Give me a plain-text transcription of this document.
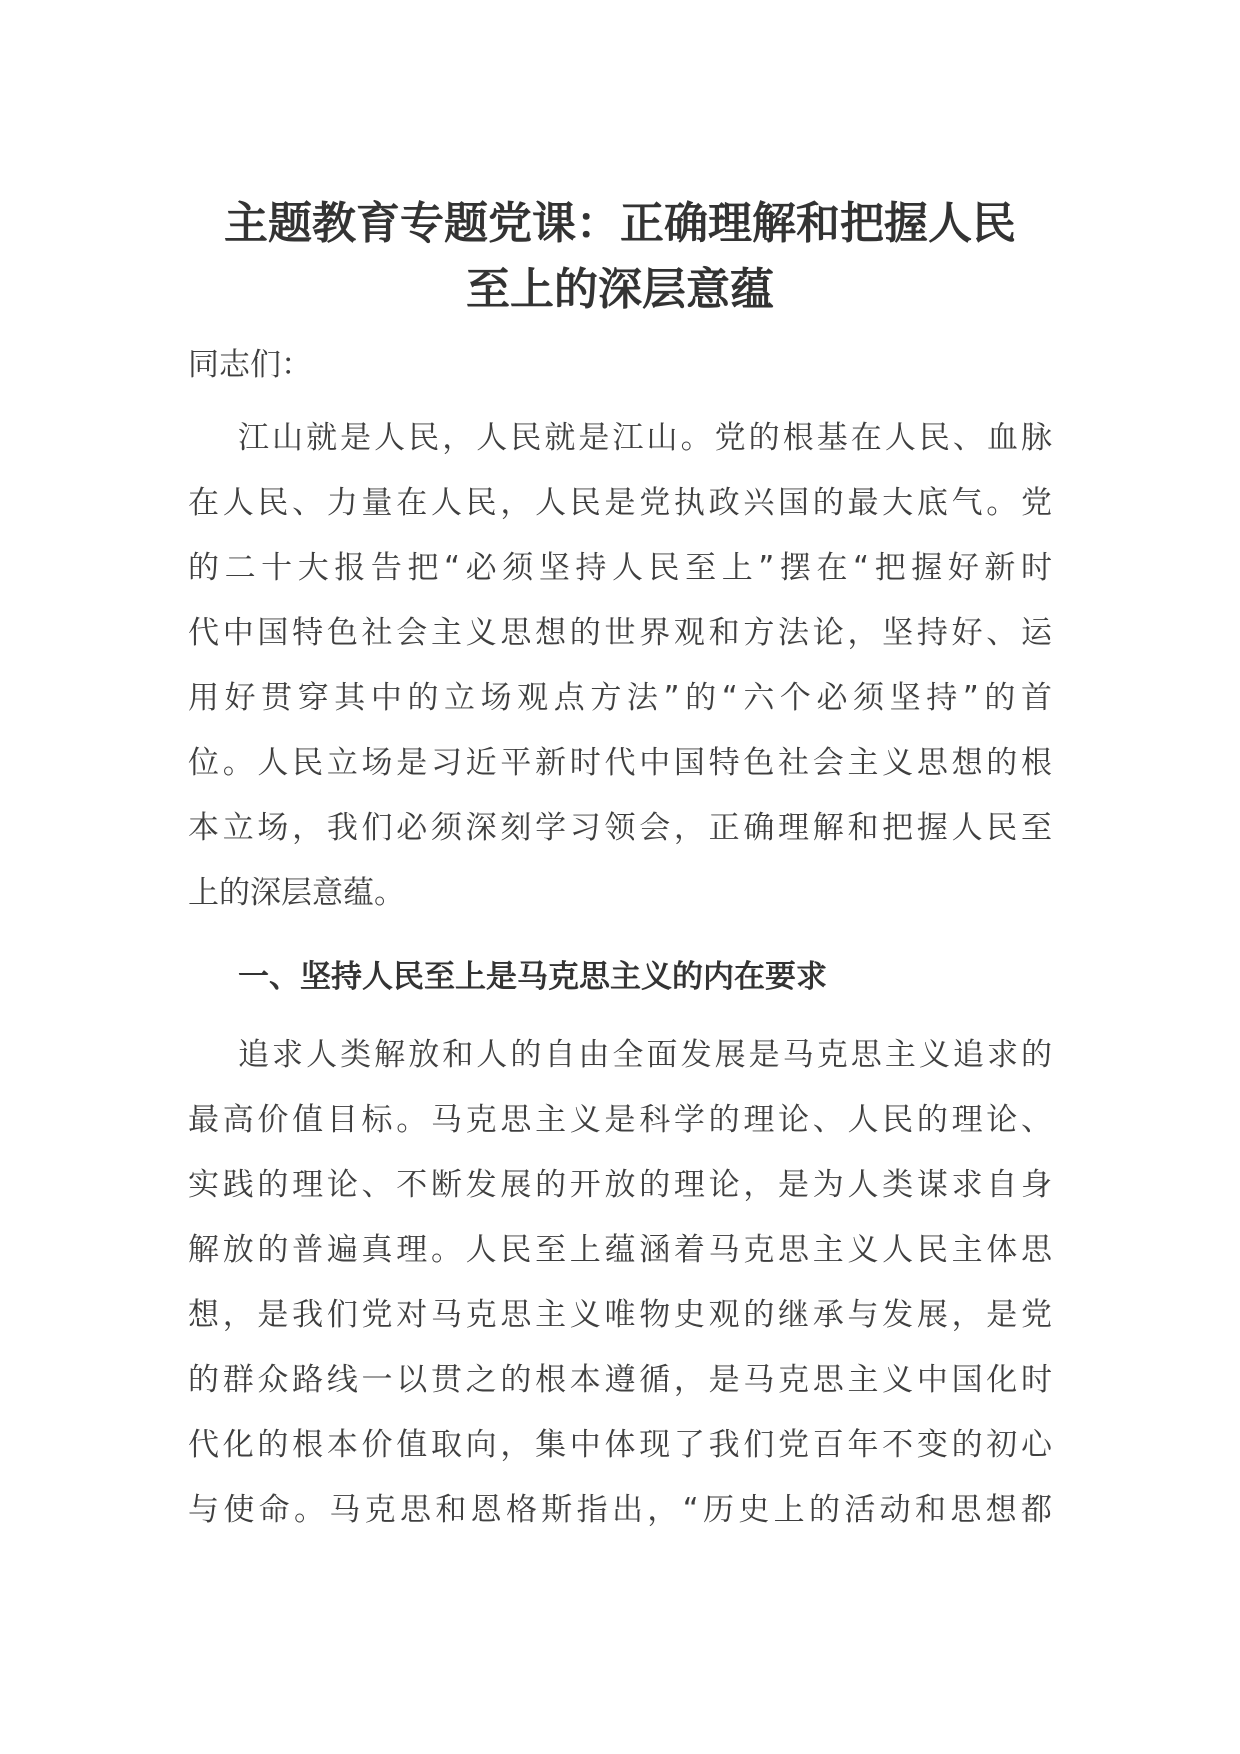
主题教育专题党课：正确理解和把握人民
至上的深层意蕴

同志们：

江山就是人民，人民就是江山。党的根基在人民、血脉

在人民、力量在人民，人民是党执政兴国的最大底气。党

的二十大报告把“必须坚持人民至上”摆在“把握好新时

代中国特色社会主义思想的世界观和方法论，坚持好、运

用好贯穿其中的立场观点方法”的“六个必须坚持”的首

位。人民立场是习近平新时代中国特色社会主义思想的根

本立场，我们必须深刻学习领会，正确理解和把握人民至

上的深层意蕴。

一、坚持人民至上是马克思主义的内在要求

追求人类解放和人的自由全面发展是马克思主义追求的

最高价值目标。马克思主义是科学的理论、人民的理论、

实践的理论、不断发展的开放的理论，是为人类谋求自身

解放的普遍真理。人民至上蕴涵着马克思主义人民主体思

想，是我们党对马克思主义唯物史观的继承与发展，是党

的群众路线一以贯之的根本遵循，是马克思主义中国化时

代化的根本价值取向，集中体现了我们党百年不变的初心

与使命。马克思和恩格斯指出，“历史上的活动和思想都
